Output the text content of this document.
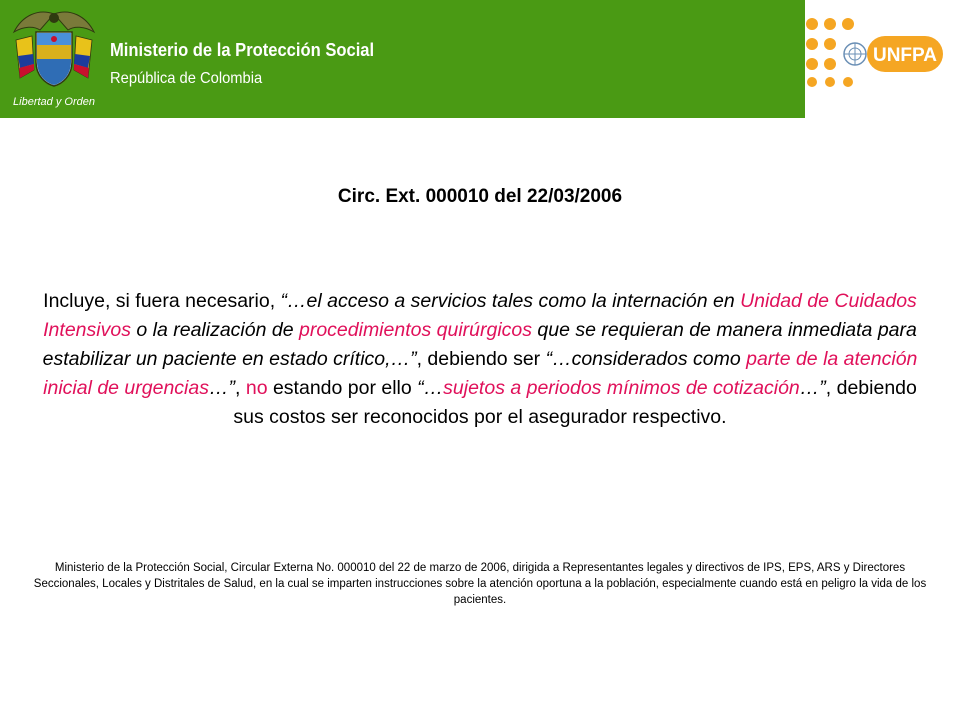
Libertad y Orden
Ministerio de la Protección Social
República de Colombia
UNFPA
Circ. Ext. 000010 del 22/03/2006

Incluye, si fuera necesario, “…el acceso a servicios tales como la internación en Unidad de Cuidados Intensivos o la realización de procedimientos quirúrgicos que se requieran de manera inmediata para estabilizar un paciente en estado crítico,…”, debiendo ser “…considerados como parte de la atención inicial de urgencias…”, no estando por ello “…sujetos a periodos mínimos de cotización…”, debiendo sus costos ser reconocidos por el asegurador respectivo.

Ministerio de la Protección Social, Circular Externa No. 000010 del 22 de marzo de 2006, dirigida a Representantes legales y directivos de IPS, EPS, ARS y Directores Seccionales, Locales y Distritales de Salud, en la cual se imparten instrucciones sobre la atención oportuna a la población, especialmente cuando está en peligro la vida de los pacientes.
